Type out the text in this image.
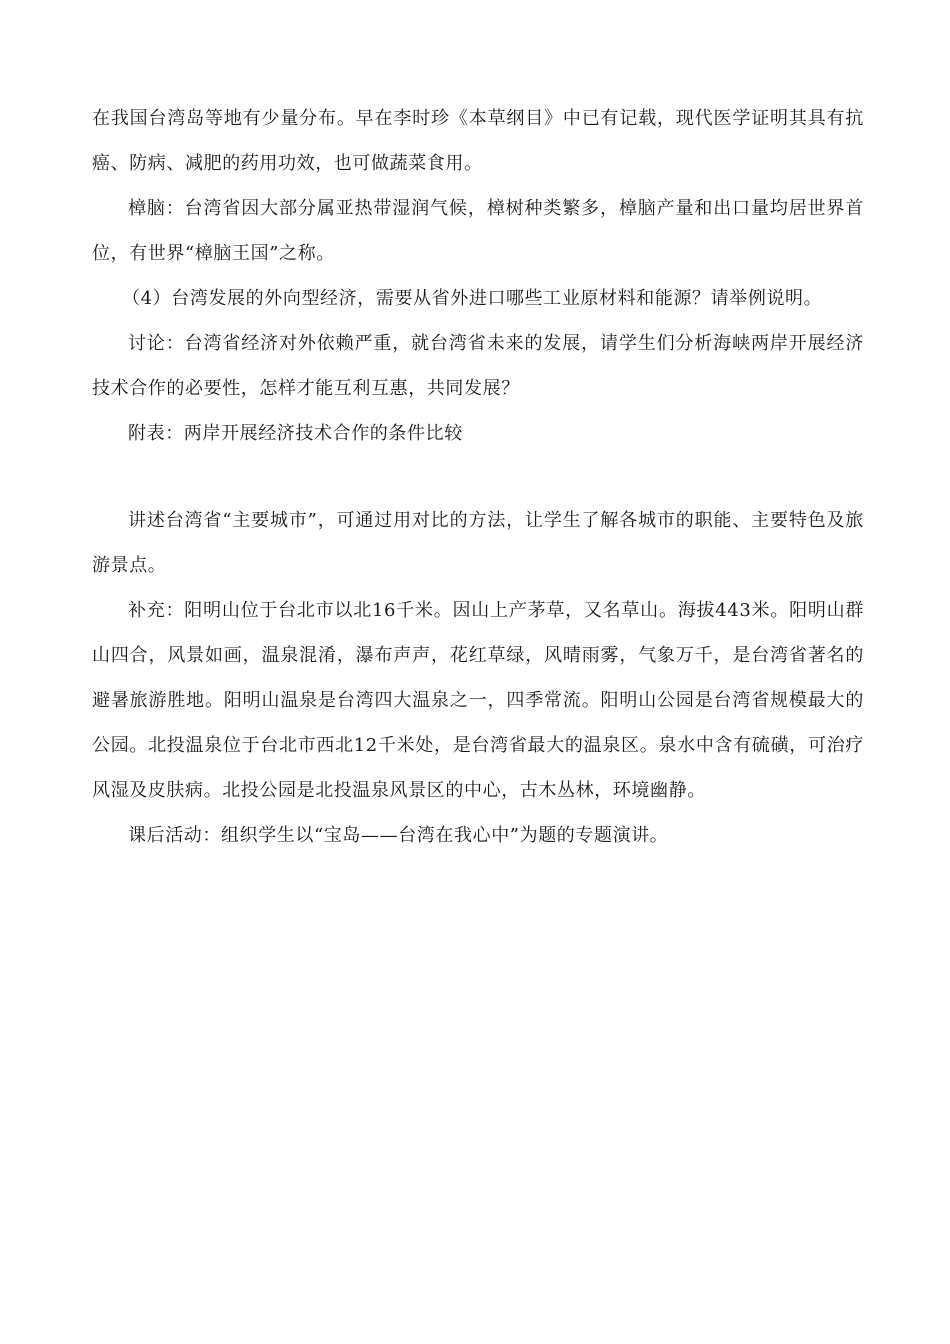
在我国台湾岛等地有少量分布。早在李时珍《本草纲目》中已有记载，现代医学证明其具有抗癌、防病、减肥的药用功效，也可做蔬菜食用。

樟脑：台湾省因大部分属亚热带湿润气候，樟树种类繁多，樟脑产量和出口量均居世界首位，有世界“樟脑王国”之称。

（4）台湾发展的外向型经济，需要从省外进口哪些工业原材料和能源？请举例说明。

讨论：台湾省经济对外依赖严重，就台湾省未来的发展，请学生们分析海峡两岸开展经济技术合作的必要性，怎样才能互利互惠，共同发展？

附表：两岸开展经济技术合作的条件比较

讲述台湾省“主要城市”，可通过用对比的方法，让学生了解各城市的职能、主要特色及旅游景点。

补充：阳明山位于台北市以北16千米。因山上产茅草，又名草山。海拔443米。阳明山群山四合，风景如画，温泉混淆，瀑布声声，花红草绿，风晴雨雾，气象万千，是台湾省著名的避暑旅游胜地。阳明山温泉是台湾四大温泉之一，四季常流。阳明山公园是台湾省规模最大的公园。北投温泉位于台北市西北12千米处，是台湾省最大的温泉区。泉水中含有硫磺，可治疗风湿及皮肤病。北投公园是北投温泉风景区的中心，古木丛林，环境幽静。

课后活动：组织学生以“宝岛——台湾在我心中”为题的专题演讲。
